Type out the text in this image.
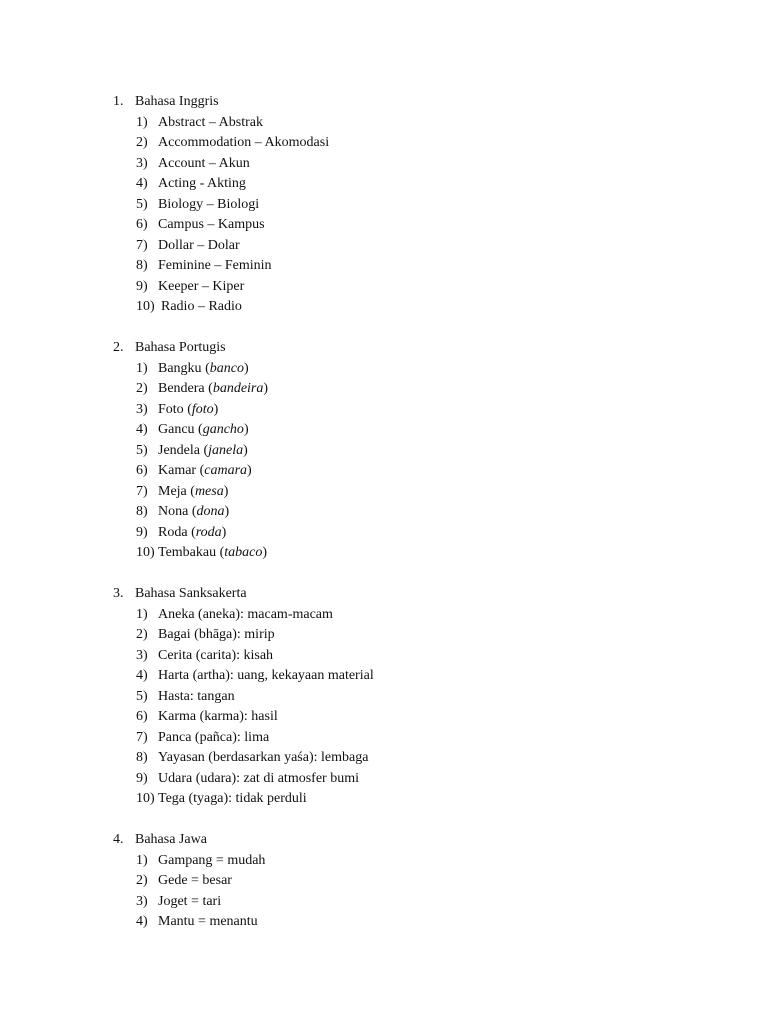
1. Bahasa Inggris
1) Abstract – Abstrak
2) Accommodation – Akomodasi
3) Account – Akun
4) Acting - Akting
5) Biology – Biologi
6) Campus – Kampus
7) Dollar – Dolar
8) Feminine – Feminin
9) Keeper – Kiper
10) Radio – Radio
2. Bahasa Portugis
1) Bangku (banco)
2) Bendera (bandeira)
3) Foto (foto)
4) Gancu (gancho)
5) Jendela (janela)
6) Kamar (camara)
7) Meja (mesa)
8) Nona (dona)
9) Roda (roda)
10) Tembakau (tabaco)
3. Bahasa Sanksakerta
1) Aneka (aneka): macam-macam
2) Bagai (bhāga): mirip
3) Cerita (carita): kisah
4) Harta (artha): uang, kekayaan material
5) Hasta: tangan
6) Karma (karma): hasil
7) Panca (pañca): lima
8) Yayasan (berdasarkan yaśa): lembaga
9) Udara (udara): zat di atmosfer bumi
10) Tega (tyaga): tidak perduli
4. Bahasa Jawa
1) Gampang = mudah
2) Gede = besar
3) Joget = tari
4) Mantu = menantu
